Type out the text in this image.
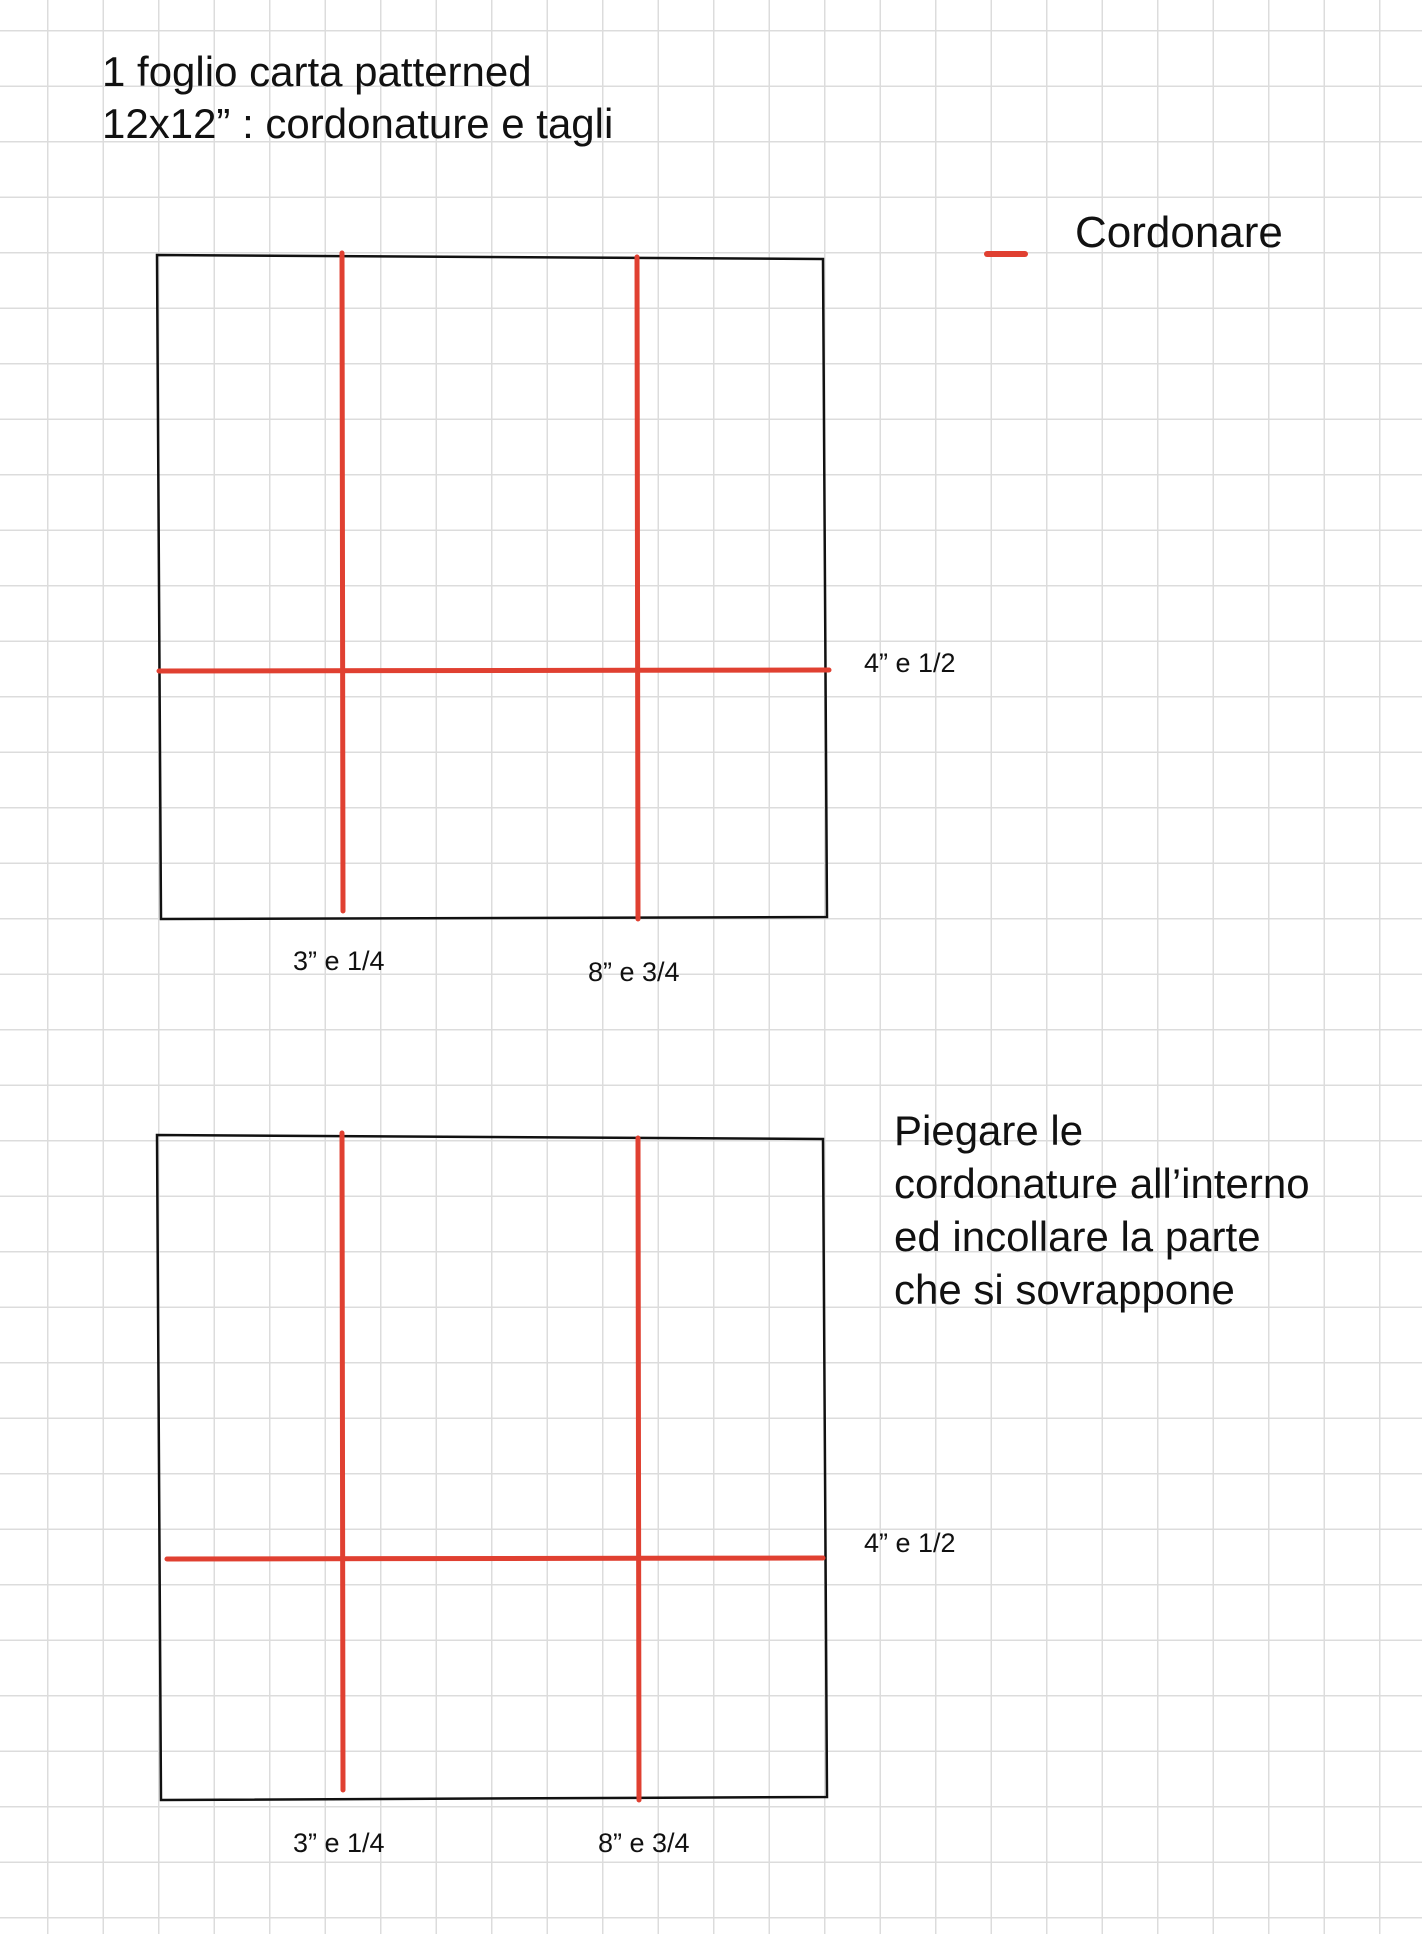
1 foglio carta patterned
12x12” : cordonature e tagli
Cordonare
4” e 1/2
3” e 1/4	8” e 3/4
4” e 1/2
3” e 1/4	8” e 3/4
Piegare le
cordonature all’interno
ed incollare la parte
che si sovrappone
